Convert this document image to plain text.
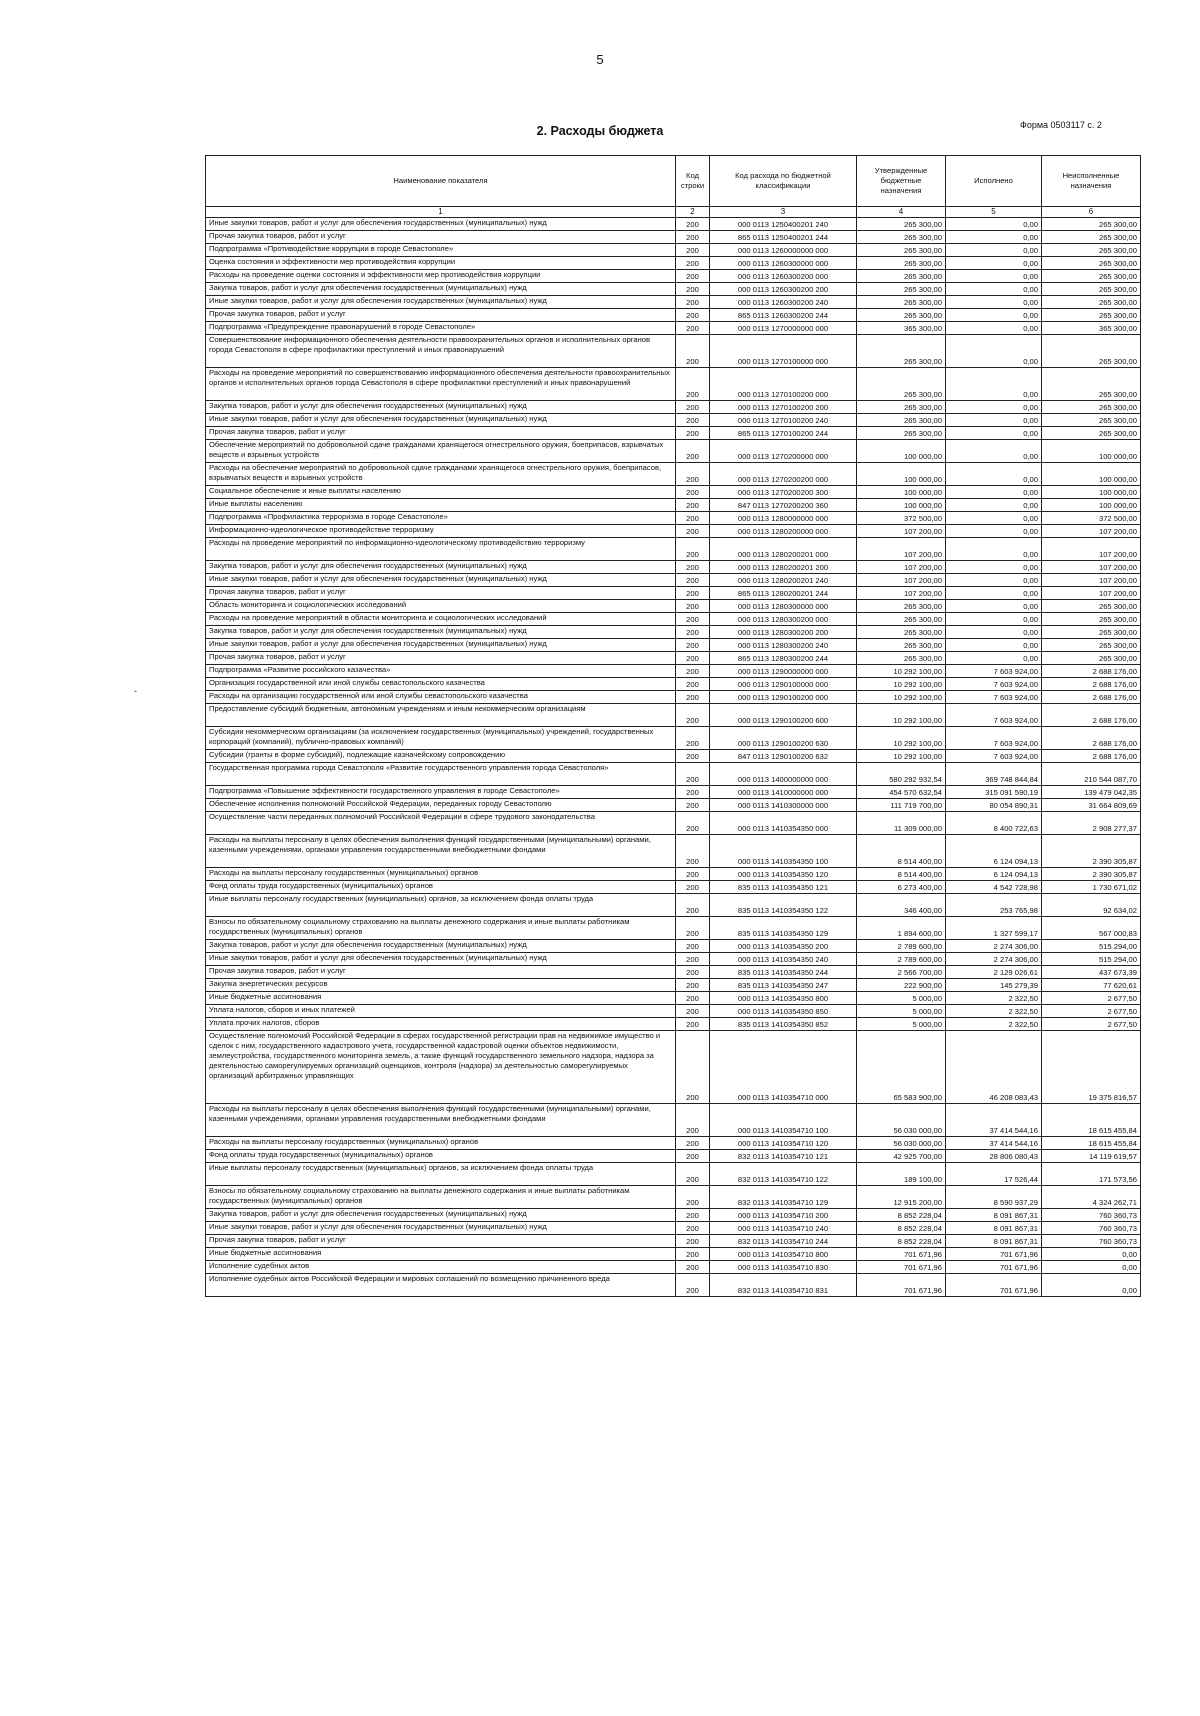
5
Форма 0503117 с. 2
2. Расходы бюджета
-
Наименование показателя	Код строки	Код расхода по бюджетной классификации	Утвержденные бюджетные назначения	Исполнено	Неисполненные назначения
1	2	3	4	5	6
Иные закупки товаров, работ и услуг для обеспечения государственных (муниципальных) нужд	200	000 0113 1250400201 240	265 300,00	0,00	265 300,00
Прочая закупка товаров, работ и услуг	200	865 0113 1250400201 244	265 300,00	0,00	265 300,00
Подпрограмма «Противодействие коррупции в городе Севастополе»	200	000 0113 1260000000 000	265 300,00	0,00	265 300,00
Оценка состояния и эффективности мер противодействия коррупции	200	000 0113 1260300000 000	265 300,00	0,00	265 300,00
Расходы на проведение оценки состояния и эффективности мер противодействия коррупции	200	000 0113 1260300200 000	265 300,00	0,00	265 300,00
Закупка товаров, работ и услуг для обеспечения государственных (муниципальных) нужд	200	000 0113 1260300200 200	265 300,00	0,00	265 300,00
Иные закупки товаров, работ и услуг для обеспечения государственных (муниципальных) нужд	200	000 0113 1260300200 240	265 300,00	0,00	265 300,00
Прочая закупка товаров, работ и услуг	200	865 0113 1260300200 244	265 300,00	0,00	265 300,00
Подпрограмма «Предупреждение правонарушений в городе Севастополе»	200	000 0113 1270000000 000	365 300,00	0,00	365 300,00
Совершенствование информационного обеспечения деятельности правоохранительных органов и исполнительных органов города Севастополя в сфере профилактики преступлений и иных правонарушений	200	000 0113 1270100000 000	265 300,00	0,00	265 300,00
Расходы на проведение мероприятий по совершенствованию информационного обеспечения деятельности правоохранительных органов и исполнительных органов города Севастополя в сфере профилактики преступлений и иных правонарушений	200	000 0113 1270100200 000	265 300,00	0,00	265 300,00
Закупка товаров, работ и услуг для обеспечения государственных (муниципальных) нужд	200	000 0113 1270100200 200	265 300,00	0,00	265 300,00
Иные закупки товаров, работ и услуг для обеспечения государственных (муниципальных) нужд	200	000 0113 1270100200 240	265 300,00	0,00	265 300,00
Прочая закупка товаров, работ и услуг	200	865 0113 1270100200 244	265 300,00	0,00	265 300,00
Обеспечение мероприятий по добровольной сдаче гражданами хранящегося огнестрельного оружия, боеприпасов, взрывчатых веществ и взрывных устройств	200	000 0113 1270200000 000	100 000,00	0,00	100 000,00
Расходы на обеспечение мероприятий по добровольной сдаче гражданами хранящегося огнестрельного оружия, боеприпасов, взрывчатых веществ и взрывных устройств	200	000 0113 1270200200 000	100 000,00	0,00	100 000,00
Социальное обеспечение и иные выплаты населению	200	000 0113 1270200200 300	100 000,00	0,00	100 000,00
Иные выплаты населению	200	847 0113 1270200200 360	100 000,00	0,00	100 000,00
Подпрограмма «Профилактика терроризма в городе Севастополе»	200	000 0113 1280000000 000	372 500,00	0,00	372 500,00
Информационно-идеологическое противодействие терроризму	200	000 0113 1280200000 000	107 200,00	0,00	107 200,00
Расходы на проведение мероприятий по информационно-идеологическому противодействию терроризму	200	000 0113 1280200201 000	107 200,00	0,00	107 200,00
Закупка товаров, работ и услуг для обеспечения государственных (муниципальных) нужд	200	000 0113 1280200201 200	107 200,00	0,00	107 200,00
Иные закупки товаров, работ и услуг для обеспечения государственных (муниципальных) нужд	200	000 0113 1280200201 240	107 200,00	0,00	107 200,00
Прочая закупка товаров, работ и услуг	200	865 0113 1280200201 244	107 200,00	0,00	107 200,00
Область мониторинга и социологических исследований	200	000 0113 1280300000 000	265 300,00	0,00	265 300,00
Расходы на проведение мероприятий в области мониторинга и социологических исследований	200	000 0113 1280300200 000	265 300,00	0,00	265 300,00
Закупка товаров, работ и услуг для обеспечения государственных (муниципальных) нужд	200	000 0113 1280300200 200	265 300,00	0,00	265 300,00
Иные закупки товаров, работ и услуг для обеспечения государственных (муниципальных) нужд	200	000 0113 1280300200 240	265 300,00	0,00	265 300,00
Прочая закупка товаров, работ и услуг	200	865 0113 1280300200 244	265 300,00	0,00	265 300,00
Подпрограмма «Развитие российского казачества»	200	000 0113 1290000000 000	10 292 100,00	7 603 924,00	2 688 176,00
Организация государственной или иной службы севастопольского казачества	200	000 0113 1290100000 000	10 292 100,00	7 603 924,00	2 688 176,00
Расходы на организацию государственной или иной службы севастопольского казачества	200	000 0113 1290100200 000	10 292 100,00	7 603 924,00	2 688 176,00
Предоставление субсидий бюджетным, автономным учреждениям и иным некоммерческим организациям	200	000 0113 1290100200 600	10 292 100,00	7 603 924,00	2 688 176,00
Субсидии некоммерческим организациям (за исключением государственных (муниципальных) учреждений, государственных корпораций (компаний), публично-правовых компаний)	200	000 0113 1290100200 630	10 292 100,00	7 603 924,00	2 688 176,00
Субсидии (гранты в форме субсидий), подлежащие казначейскому сопровождению	200	847 0113 1290100200 632	10 292 100,00	7 603 924,00	2 688 176,00
Государственная программа города Севастополя «Развитие государственного управления города Севастополя»	200	000 0113 1400000000 000	580 292 932,54	369 748 844,84	210 544 087,70
Подпрограмма «Повышение эффективности государственного управления в городе Севастополе»	200	000 0113 1410000000 000	454 570 632,54	315 091 590,19	139 479 042,35
Обеспечение исполнения полномочий Российской Федерации, переданных городу Севастополю	200	000 0113 1410300000 000	111 719 700,00	80 054 890,31	31 664 809,69
Осуществление части переданных полномочий Российской Федерации в сфере трудового законодательства	200	000 0113 1410354350 000	11 309 000,00	8 400 722,63	2 908 277,37
Расходы на выплаты персоналу в целях обеспечения выполнения функций государственными (муниципальными) органами, казенными учреждениями, органами управления государственными внебюджетными фондами	200	000 0113 1410354350 100	8 514 400,00	6 124 094,13	2 390 305,87
Расходы на выплаты персоналу государственных (муниципальных) органов	200	000 0113 1410354350 120	8 514 400,00	6 124 094,13	2 390 305,87
Фонд оплаты труда государственных (муниципальных) органов	200	835 0113 1410354350 121	6 273 400,00	4 542 728,98	1 730 671,02
Иные выплаты персоналу государственных (муниципальных) органов, за исключением фонда оплаты труда	200	835 0113 1410354350 122	346 400,00	253 765,98	92 634,02
Взносы по обязательному социальному страхованию на выплаты денежного содержания и иные выплаты работникам государственных (муниципальных) органов	200	835 0113 1410354350 129	1 894 600,00	1 327 599,17	567 000,83
Закупка товаров, работ и услуг для обеспечения государственных (муниципальных) нужд	200	000 0113 1410354350 200	2 789 600,00	2 274 306,00	515 294,00
Иные закупки товаров, работ и услуг для обеспечения государственных (муниципальных) нужд	200	000 0113 1410354350 240	2 789 600,00	2 274 306,00	515 294,00
Прочая закупка товаров, работ и услуг	200	835 0113 1410354350 244	2 566 700,00	2 129 026,61	437 673,39
Закупка энергетических ресурсов	200	835 0113 1410354350 247	222 900,00	145 279,39	77 620,61
Иные бюджетные ассигнования	200	000 0113 1410354350 800	5 000,00	2 322,50	2 677,50
Уплата налогов, сборов и иных платежей	200	000 0113 1410354350 850	5 000,00	2 322,50	2 677,50
Уплата прочих налогов, сборов	200	835 0113 1410354350 852	5 000,00	2 322,50	2 677,50
Осуществление полномочий Российской Федерации в сферах государственной регистрации прав на недвижимое имущество и сделок с ним, государственного кадастрового учета, государственной кадастровой оценки объектов недвижимости, землеустройства, государственного мониторинга земель, а также функций государственного земельного надзора, надзора за деятельностью саморегулируемых организаций оценщиков, контроля (надзора) за деятельностью саморегулируемых организаций арбитражных управляющих	200	000 0113 1410354710 000	65 583 900,00	46 208 083,43	19 375 816,57
Расходы на выплаты персоналу в целях обеспечения выполнения функций государственными (муниципальными) органами, казенными учреждениями, органами управления государственными внебюджетными фондами	200	000 0113 1410354710 100	56 030 000,00	37 414 544,16	18 615 455,84
Расходы на выплаты персоналу государственных (муниципальных) органов	200	000 0113 1410354710 120	56 030 000,00	37 414 544,16	18 615 455,84
Фонд оплаты труда государственных (муниципальных) органов	200	832 0113 1410354710 121	42 925 700,00	28 806 080,43	14 119 619,57
Иные выплаты персоналу государственных (муниципальных) органов, за исключением фонда оплаты труда	200	832 0113 1410354710 122	189 100,00	17 526,44	171 573,56
Взносы по обязательному социальному страхованию на выплаты денежного содержания и иные выплаты работникам государственных (муниципальных) органов	200	832 0113 1410354710 129	12 915 200,00	8 590 937,29	4 324 262,71
Закупка товаров, работ и услуг для обеспечения государственных (муниципальных) нужд	200	000 0113 1410354710 200	8 852 228,04	8 091 867,31	760 360,73
Иные закупки товаров, работ и услуг для обеспечения государственных (муниципальных) нужд	200	000 0113 1410354710 240	8 852 228,04	8 091 867,31	760 360,73
Прочая закупка товаров, работ и услуг	200	832 0113 1410354710 244	8 852 228,04	8 091 867,31	760 360,73
Иные бюджетные ассигнования	200	000 0113 1410354710 800	701 671,96	701 671,96	0,00
Исполнение судебных актов	200	000 0113 1410354710 830	701 671,96	701 671,96	0,00
Исполнение судебных актов Российской Федерации и мировых соглашений по возмещению причиненного вреда	200	832 0113 1410354710 831	701 671,96	701 671,96	0,00
